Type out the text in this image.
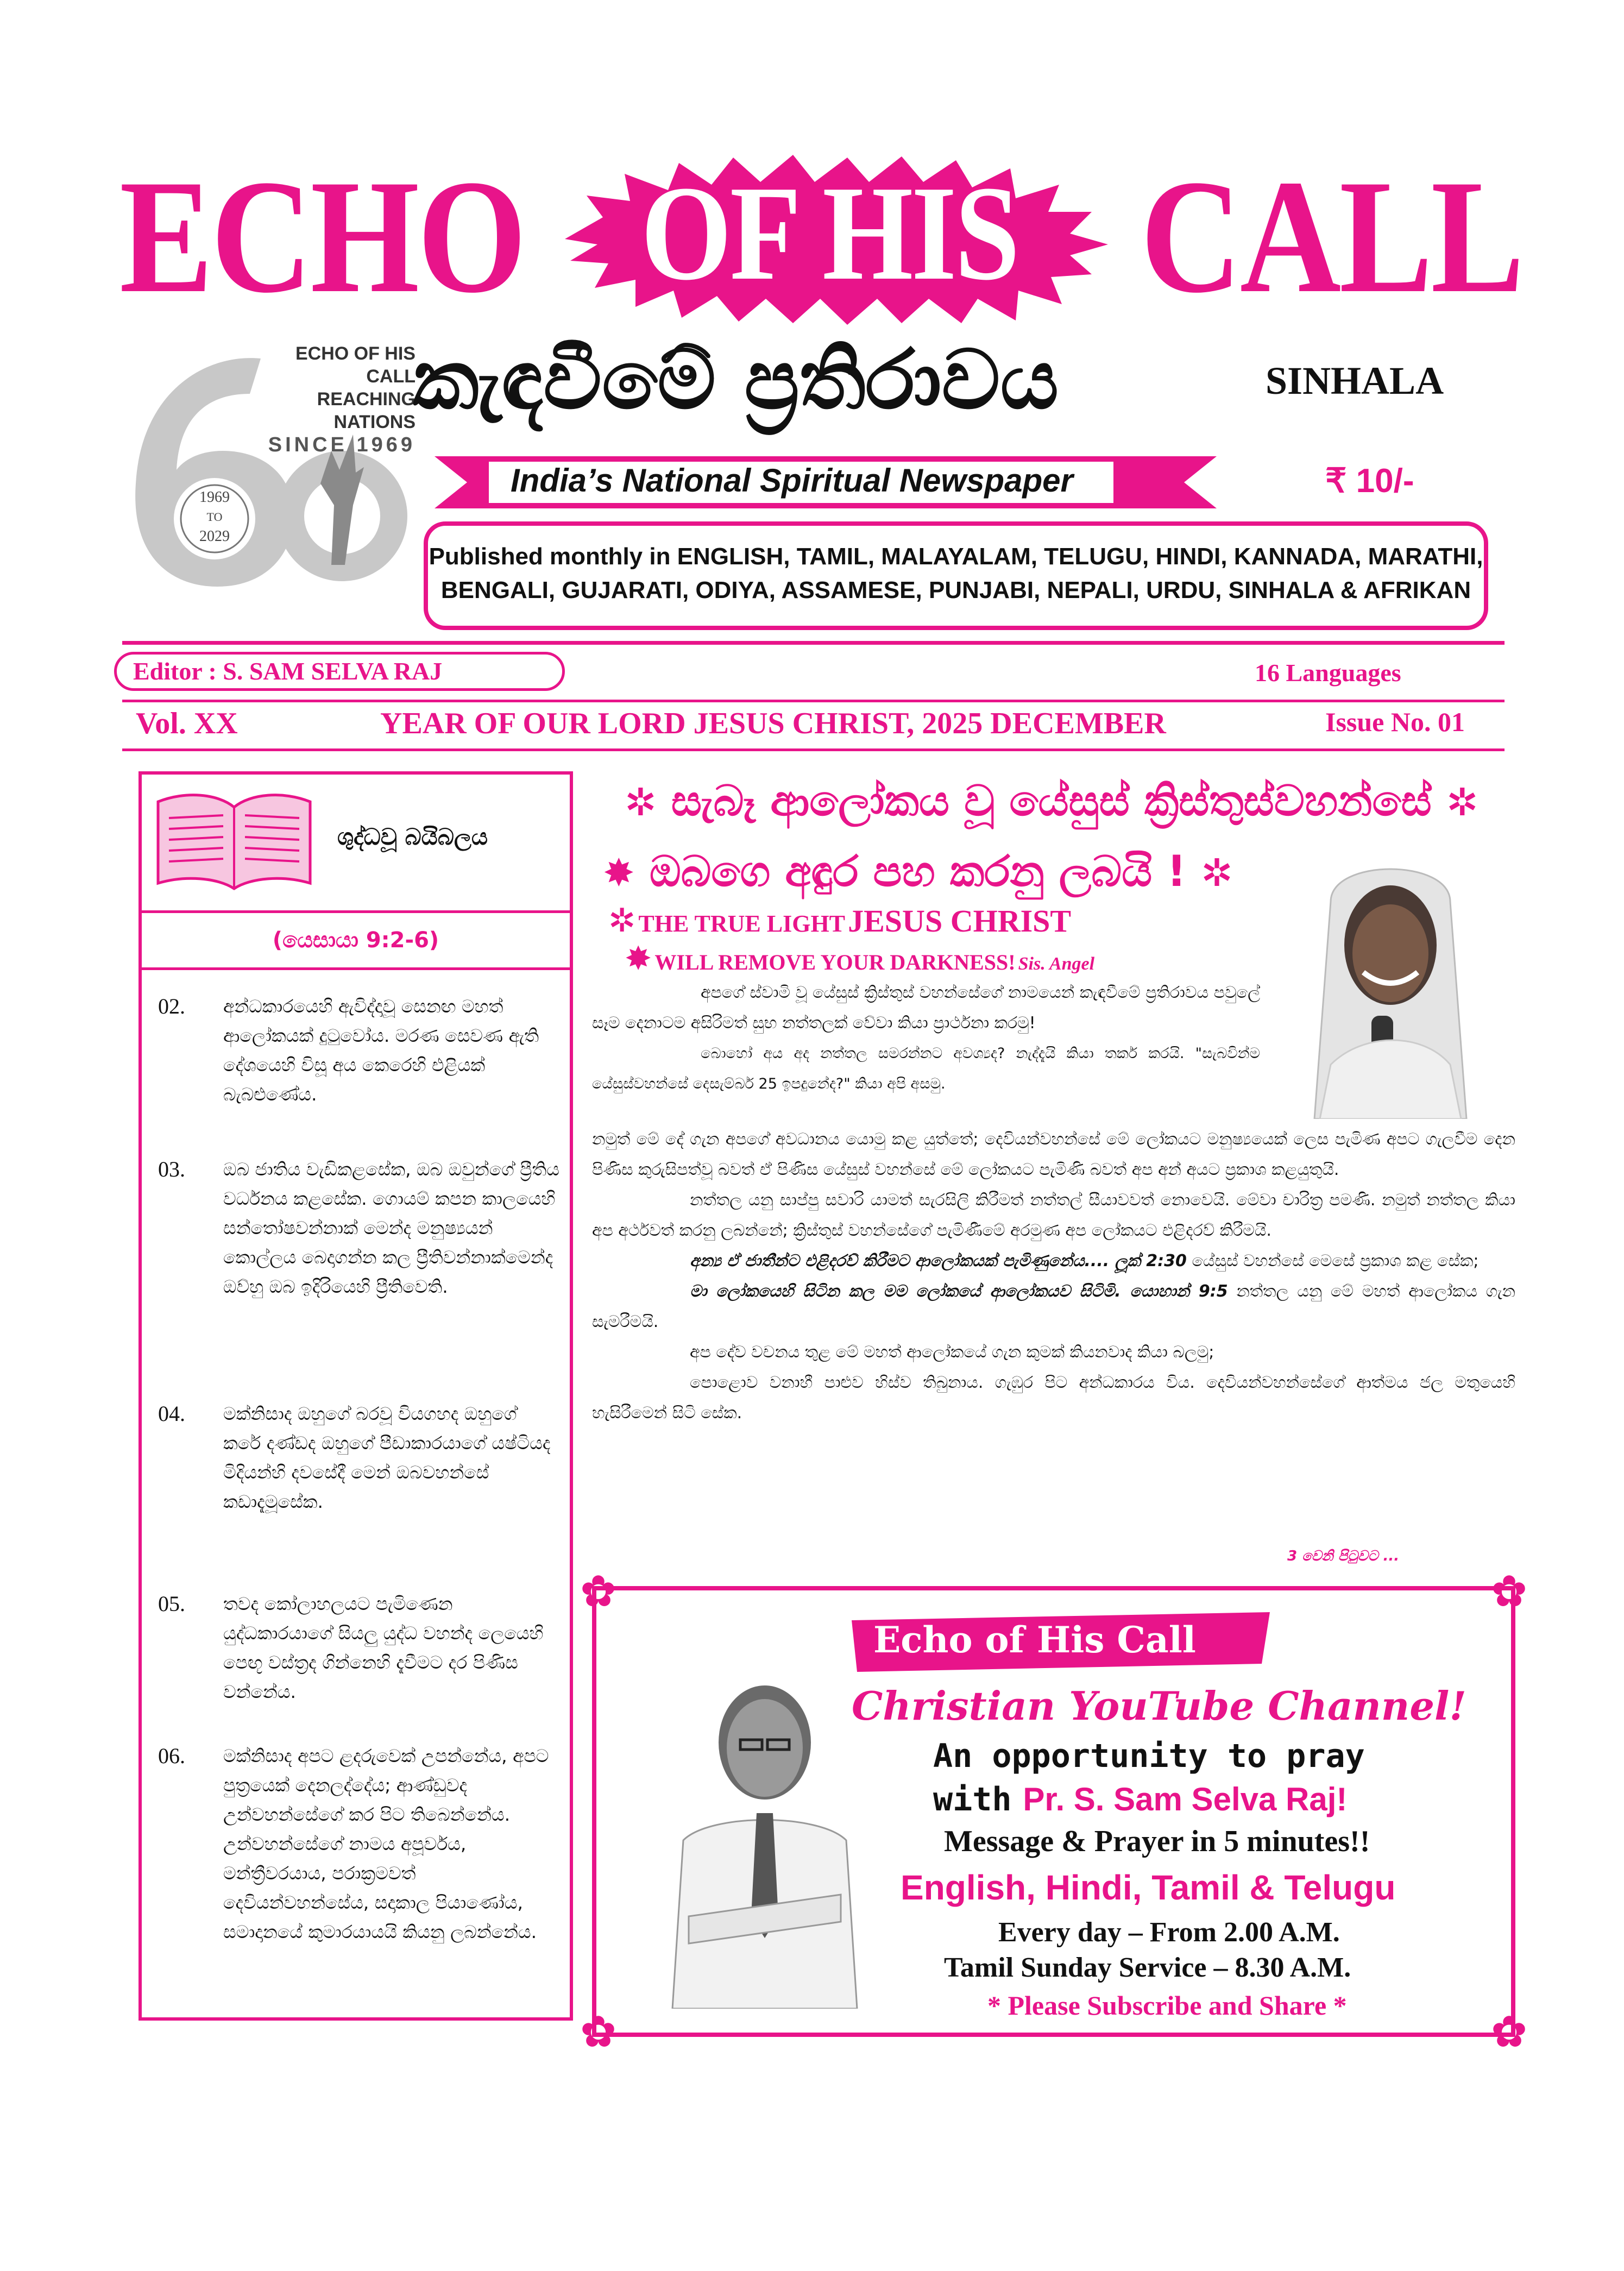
ECHO OF HIS CALL
ECHO OF HIS CALL
REACHING NATIONS
SINCE 1969
1969
TO
2029
කැඳවීමේ ප්‍රතිරාවය	SINHALA
India’s National Spiritual Newspaper	₹ 10/-
Published monthly in ENGLISH, TAMIL, MALAYALAM, TELUGU, HINDI, KANNADA, MARATHI,
BENGALI, GUJARATI, ODIYA, ASSAMESE, PUNJABI, NEPALI, URDU, SINHALA & AFRIKAN
Editor : S. SAM SELVA RAJ	16 Languages
Vol. XX	YEAR OF OUR LORD JESUS CHRIST, 2025 DECEMBER	Issue No. 01
ශුද්ධවූ බයිබලය
(යෙසායා 9:2-6)
02.	අන්ධකාරයෙහි ඇවිද්දාවූ සෙනඟ මහත් ආලෝකයක් දුටුවෝය. මරණ සෙවණ ඇති දේශයෙහි විසූ අය කෙරෙහි එළියක් බැබළුණේය.
03.	ඔබ ජාතිය වැඩිකළසේක, ඔබ ඔවුන්ගේ ප්‍රීතිය වර්ධනය කළසේක. ගොයම් කපන කාලයෙහි සන්තෝෂවන්නාක් මෙන්ද මනුෂ්‍යයන් කොල්ලය බෙදාගන්න කල ප්‍රීතිවන්නාක්මෙන්ද ඔව්හු ඔබ ඉදිරියෙහි ප්‍රීතිවෙති.
04.	මක්නිසාද ඔහුගේ බරවූ වියගහද ඔහුගේ කරේ දණ්ඩද ඔහුගේ පීඩාකාරයාගේ යෂ්ටියද මිදියන්හි දවසේදී මෙන් ඔබවහන්සේ කඩාදැමූසේක.
05.	තවද කෝලාහලයට පැමිණෙන යුද්ධකාරයාගේ සියලු යුද්ධ වහන්ද ලෙයෙහි පෙඟූ වස්ත්‍රද ගින්නෙහි දැවීමට දර පිණිස වන්නේය.
06.	මක්නිසාද අපට ළදරුවෙක් උපන්නේය, අපට පුත්‍රයෙක් දෙනලද්දේය; ආණ්ඩුවද උන්වහන්සේගේ කර පිට තිබෙන්නේය. උන්වහන්සේගේ නාමය අපූර්වය, මන්ත්‍රීවරයාය, පරාක්‍රමවත් දෙවියන්වහන්සේය, සදාකාල පියාණෝය, සමාදානයේ කුමාරයායයි කියනු ලබන්නේය.
✲ සැබෑ ආලෝකය වූ යේසුස් ක්‍රිස්තුස්වහන්සේ ✲
✸ ඔබගෙ අඳුර පහ කරනු ලබයි ! ✲
✲ THE TRUE LIGHT JESUS CHRIST
✸ WILL REMOVE YOUR DARKNESS! Sis. Angel

අපගේ ස්වාමි වූ යේසුස් ක්‍රිස්තුස් වහන්සේගේ නාමයෙන් කැඳවීමේ ප්‍රතිරාවය පවුලේ සෑම දෙනාටම අසිරිමත් සුභ නත්තලක් වේවා කියා ප්‍රාර්ථනා කරමු!

බොහෝ අය අද නත්තල සමරන්නට අවශ්‍යද? නැද්දැයි කියා තර්ක කරයි. "සැබවින්ම යේසුස්වහන්සේ දෙසැම්බර් 25 ඉපදුනේද?" කියා අපි අසමු.

නමුත් මේ දේ ගැන අපගේ අවධානය යොමු කළ යුත්තේ; දෙවියන්වහන්සේ මේ ලෝකයට මනුෂ්‍යයෙක් ලෙස පැමිණ අපට ගැලවීම දෙන පිණිස කුරුසිපත්වූ බවත් ඒ පිණිස යේසුස් වහන්සේ මේ ලෝකයට පැමිණි බවත් අප අන් අයට ප්‍රකාශ කළයුතුයි.

නත්තල යනු සාප්පු සවාරි යාමත් සැරසිලි කිරීමත් නත්තල් සීයාවවත් නොවෙයි. මේවා චාරිත්‍ර පමණි. නමුත් නත්තල කියා අප අර්ථවත් කරනු ලබන්නේ; ක්‍රිස්තුස් වහන්සේගේ පැමිණීමේ අරමුණ අප ලෝකයට එළිදරව් කිරීමයි.

අන්‍ය ඒ ජාතීන්ට එළිදරව් කිරීමට ආලෝකයක් පැමිණුනේය.... ලූක් 2:30 යේසුස් වහන්සේ මෙසේ ප්‍රකාශ කළ සේක;

මා ලෝකයෙහි සිටින කල මම ලෝකයේ ආලෝකයව සිටිමි. යොහාන් 9:5 නත්තල යනු මේ මහත් ආලෝකය ගැන සැමරීමයි.

අප දේව වචනය තුළ මේ මහත් ආලෝකයේ ගැන කුමක් කියනවාද කියා බලමු;

පොළොව වනාහී පාළුව හිස්ව තිබුනාය. ගැඹුර පිට අන්ධකාරය විය. දෙවියන්වහන්සේගේ ආත්මය ජල මතුයෙහි හැසිරීමෙන් සිටි සේක.

3 වෙනි පිටුවට ...
✿	✿
✿	✿
Echo of His Call
Christian YouTube Channel!
An opportunity to pray
with Pr. S. Sam Selva Raj!
Message & Prayer in 5 minutes!!
English, Hindi, Tamil & Telugu
Every day – From 2.00 A.M.
Tamil Sunday Service – 8.30 A.M.
* Please Subscribe and Share *
